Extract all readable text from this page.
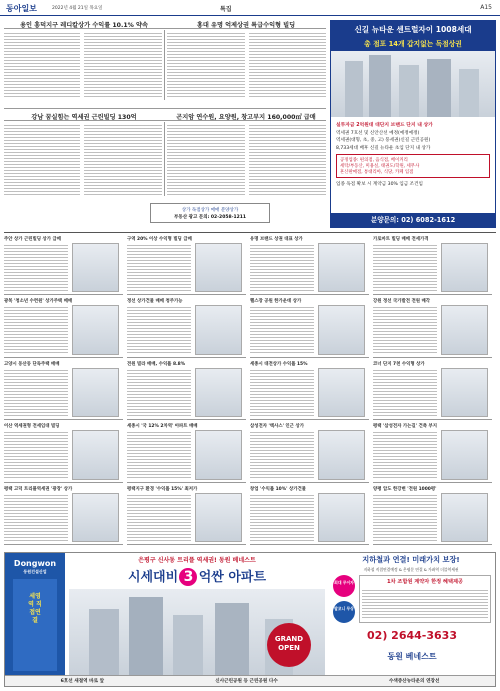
동아일보	2022년 4월 21일 목요일	특집	A15
용인 흥덕지구 레디칼상가 수익률 10.1% 약속	홍대 유명 억제상권 특급수익형 빌딩
강남 꿈실힘는 역세권 근린빌딩 130억	곤지암 연수원, 요양원, 창고부지 160,000㎡ 급매
상가 독점상가 매매 분양상가
부동산 광고 문의: 02-2058-1211
신길 뉴타운 센트럴자이 1008세대
총 점포 14개 갑지없는 독점상권
실투자금 2억원대 대단지 브랜드 단지 내 상가
역세권 7호선 및 신안산선 예정(예정예정)
역세권(대형, 초, 중, 고) 풍세권(신길 근린공원)
8,733세대 배후 신길 뉴타운 초입 단지 내 상가
공정업종: 편의점, 음식점, 베이커리
세탁/부동산, 미용실, 태권도/학원, 세무사
흔산판매점, 통대리아, 식당, 카페 입점
업종 독점 확보 시 계약금 30% 입금 조건임
분양문의: 02) 6082-1612
주안 상가 근린빌딩 상가 급매	구역 20% 이상 수익형 빌딩 급매	유명 브랜드 상권 대표 상가	가로마트 빌딩 매매 전세가격
광복 '청소년 수련원' 상가주택 매매	정선 상가건물 매매 청주가능	헬스장 공원 한가운데 상가	강원 정선 국가발전 전원 매각
고양시 동산동 단독주택 매매	전원 빌라 매매, 수익률 8.8%	세종시 대전상가 수익률 15%	코너 단지 7천 수익형 상가
이산 역세권형 전세임대 빌딩	세종시 '국 12% 2차역' 아파트 매매	삼성전자 '텍사스' 인근 상가	평택 '삼성전자 가는길' 건축 부지
평택 고덕 트리플역세권 '광장' 상가	평택지구 환경 '수익률 15%' 최저가	창업 '수익률 10%' 상가건물	양평 압도 한강변 '전원 1000평'
Dongwon
동원건설산업
세영역 직접연결
은평구 신사동 트리플 역세권! 동원 베네스트
시세대비 3 억싼 아파트
GRAND OPEN
지하철과 연결! 미래가치 보장!
지하철 직접연결예정 & 은평문 연결 & 가좌역 더블역세권
최대 무이자
발코니 무상
1차 조합원 계약자 한정 혜택제공
02) 2644-3633
동원 베네스트
6호선 새절역 바로 앞	신사근린공원 등 근린공원 다수	수색증산뉴타운의 연장선
